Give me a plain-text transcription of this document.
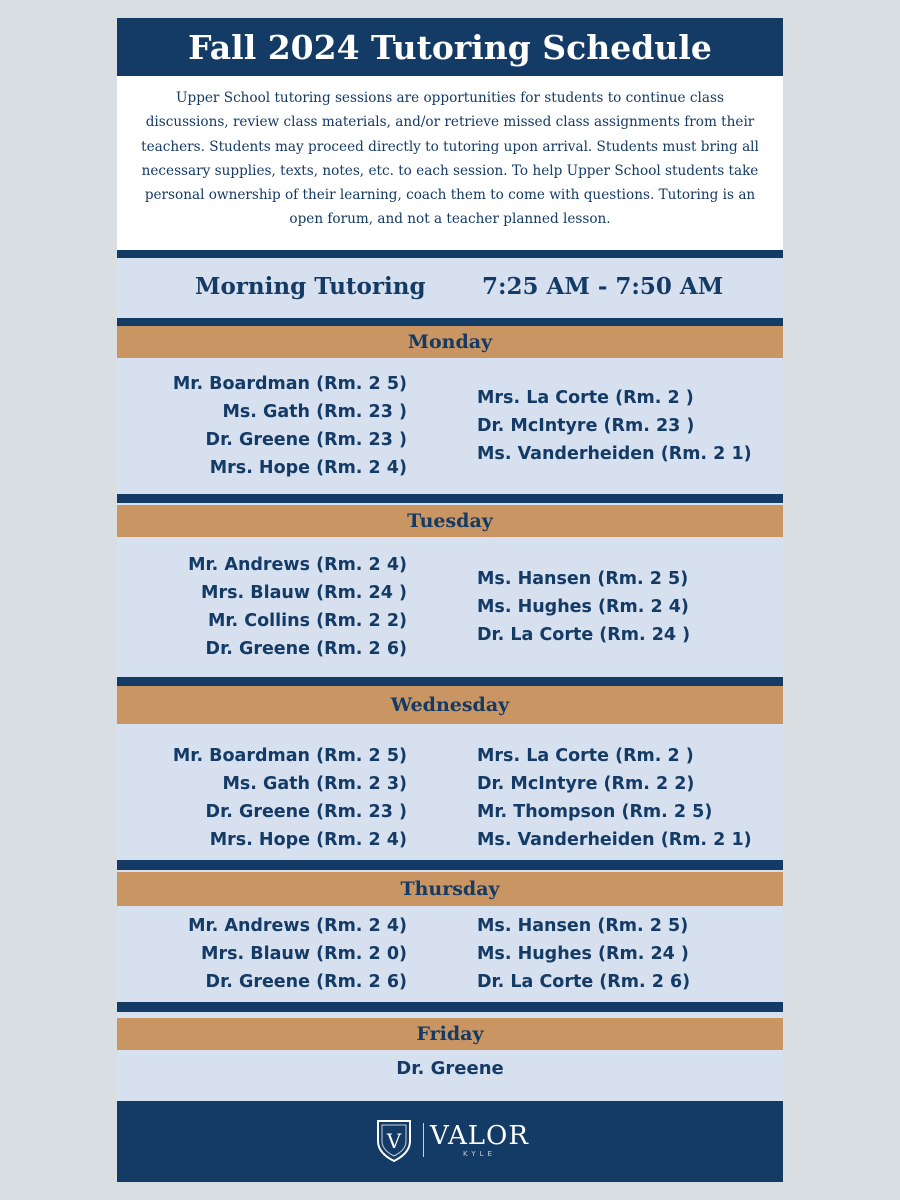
Fall 2024 Tutoring Schedule
Upper School tutoring sessions are opportunities for students to continue class discussions, review class materials, and/or retrieve missed class assignments from their teachers. Students may proceed directly to tutoring upon arrival. Students must bring all necessary supplies, texts, notes, etc. to each session. To help Upper School students take personal ownership of their learning, coach them to come with questions. Tutoring is an open forum, and not a teacher planned lesson.
Morning Tutoring 7:25 AM - 7:50 AM
Monday
Mr. Boardman (Rm. 2 5)
Ms. Gath (Rm. 23 )
Dr. Greene (Rm. 23 )
Mrs. Hope (Rm. 2 4)
Mrs. La Corte (Rm. 2 )
Dr. McIntyre (Rm. 23 )
Ms. Vanderheiden (Rm. 2 1)
Tuesday
Mr. Andrews (Rm. 2 4)
Mrs. Blauw (Rm. 24 )
Mr. Collins (Rm. 2 2)
Dr. Greene (Rm. 2 6)
Ms. Hansen (Rm. 2 5)
Ms. Hughes (Rm. 2 4)
Dr. La Corte (Rm. 24 )
Wednesday
Mr. Boardman (Rm. 2 5)
Ms. Gath (Rm. 2 3)
Dr. Greene (Rm. 23 )
Mrs. Hope (Rm. 2 4)
Mrs. La Corte (Rm. 2 )
Dr. McIntyre (Rm. 2 2)
Mr. Thompson (Rm. 2 5)
Ms. Vanderheiden (Rm. 2 1)
Thursday
Mr. Andrews (Rm. 2 4)
Mrs. Blauw (Rm. 2 0)
Dr. Greene (Rm. 2 6)
Ms. Hansen (Rm. 2 5)
Ms. Hughes (Rm. 24 )
Dr. La Corte (Rm. 2 6)
Friday
Dr. Greene
V VALOR
KYLE
